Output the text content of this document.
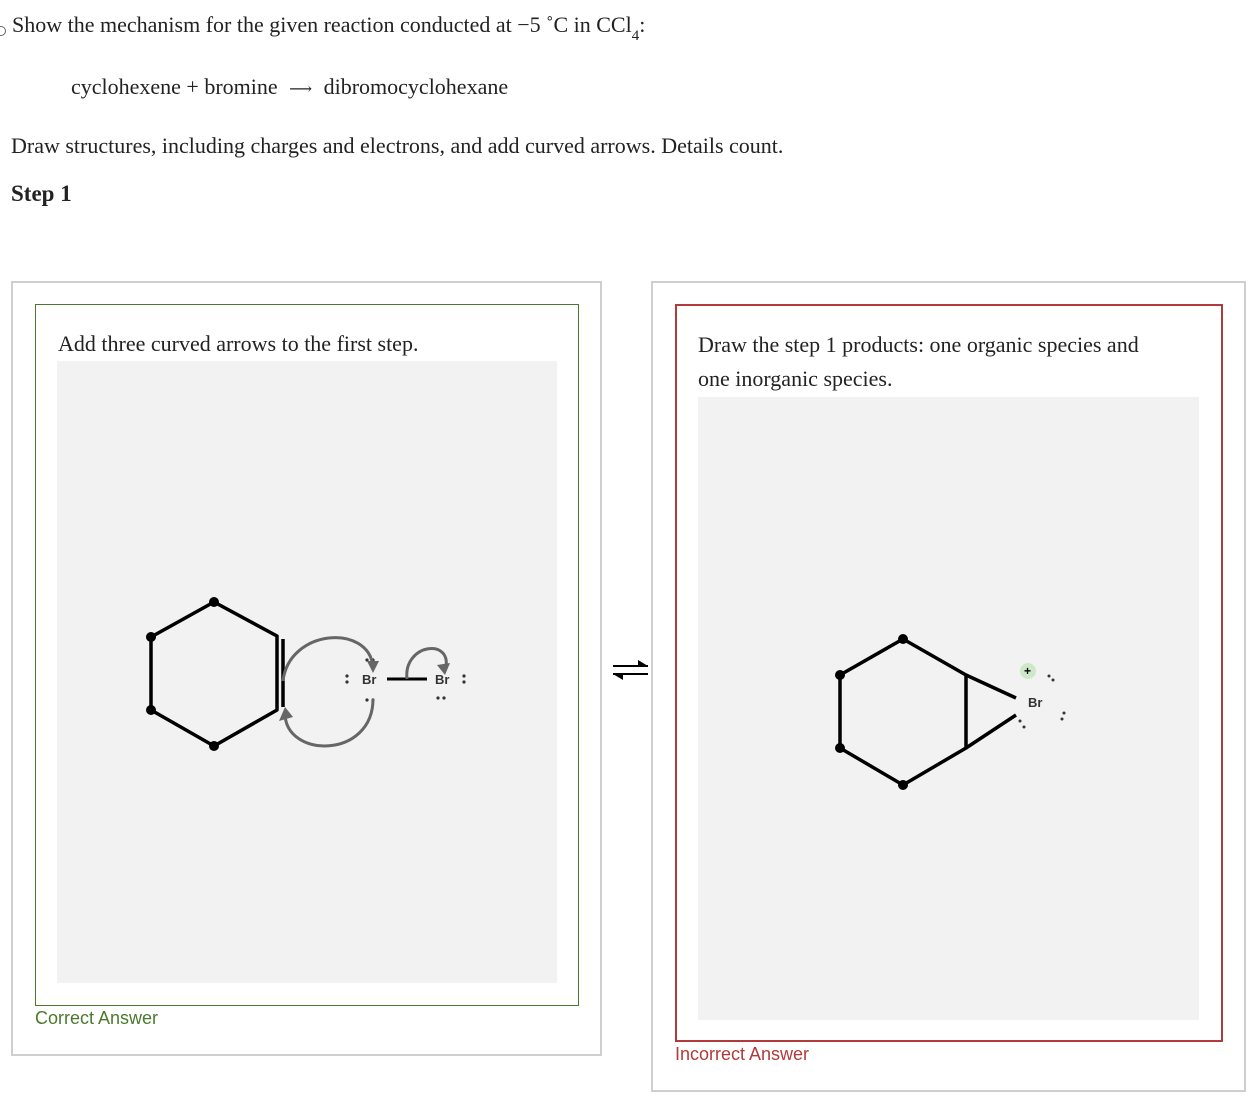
Show the mechanism for the given reaction conducted at −5 ˚C in CCl4:
cyclohexene + bromine ⟶ dibromocyclohexane
Draw structures, including charges and electrons, and add curved arrows. Details count.
Step 1
Add three curved arrows to the first step.
Br	Br
Correct Answer
Draw the step 1 products: one organic species and
one inorganic species.
+
Br
Incorrect Answer
